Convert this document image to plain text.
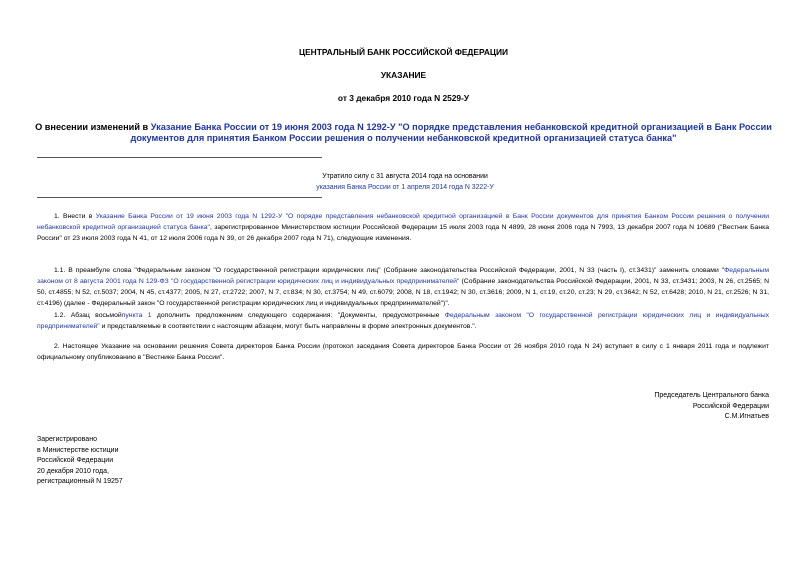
ЦЕНТРАЛЬНЫЙ БАНК РОССИЙСКОЙ ФЕДЕРАЦИИ
УКАЗАНИЕ
от 3 декабря 2010 года N 2529-У
О внесении изменений в Указание Банка России от 19 июня 2003 года N 1292-У "О порядке представления небанковской кредитной организацией в Банк России документов для принятия Банком России решения о получении небанковской кредитной организацией статуса банка"
Утратило силу с 31 августа 2014 года на основании
указания Банка России от 1 апреля 2014 года N 3222-У
1. Внести в Указание Банка России от 19 июня 2003 года N 1292-У "О порядке представления небанковской кредитной организацией в Банк России документов для принятия Банком России решения о получении небанковской кредитной организацией статуса банка", зарегистрированное Министерством юстиции Российской Федерации 15 июля 2003 года N 4899, 28 июня 2006 года N 7993, 13 декабря 2007 года N 10689 ("Вестник Банка России" от 23 июля 2003 года N 41, от 12 июля 2006 года N 39, от 26 декабря 2007 года N 71), следующие изменения.
1.1. В преамбуле слова "Федеральным законом "О государственной регистрации юридических лиц" (Собрание законодательства Российской Федерации, 2001, N 33 (часть I), ст.3431)" заменить словами "Федеральным законом от 8 августа 2001 года N 129-ФЗ "О государственной регистрации юридических лиц и индивидуальных предпринимателей" (Собрание законодательства Российской Федерации, 2001, N 33, ст.3431; 2003, N 26, ст.2565; N 50, ст.4855; N 52, ст.5037; 2004, N 45, ст.4377; 2005, N 27, ст.2722; 2007, N 7, ст.834; N 30, ст.3754; N 49, ст.6079; 2008, N 18, ст.1942; N 30, ст.3616; 2009, N 1, ст.19, ст.20, ст.23; N 29, ст.3642; N 52, ст.6428; 2010, N 21, ст.2526; N 31, ст.4196) (далее - Федеральный закон "О государственной регистрации юридических лиц и индивидуальных предпринимателей")".
1.2. Абзац восьмойпункта 1 дополнить предложением следующего содержания: "Документы, предусмотренные Федеральным законом "О государственной регистрации юридических лиц и индивидуальных предпринимателей" и представляемые в соответствии с настоящим абзацем, могут быть направлены в форме электронных документов.".
2. Настоящее Указание на основании решения Совета директоров Банка России (протокол заседания Совета директоров Банка России от 26 ноября 2010 года N 24) вступает в силу с 1 января 2011 года и подлежит официальному опубликованию в "Вестнике Банка России".
Председатель Центрального банка
Российской Федерации
С.М.Игнатьев
Зарегистрировано
в Министерстве юстиции
Российской Федерации
20 декабря 2010 года,
регистрационный N 19257
